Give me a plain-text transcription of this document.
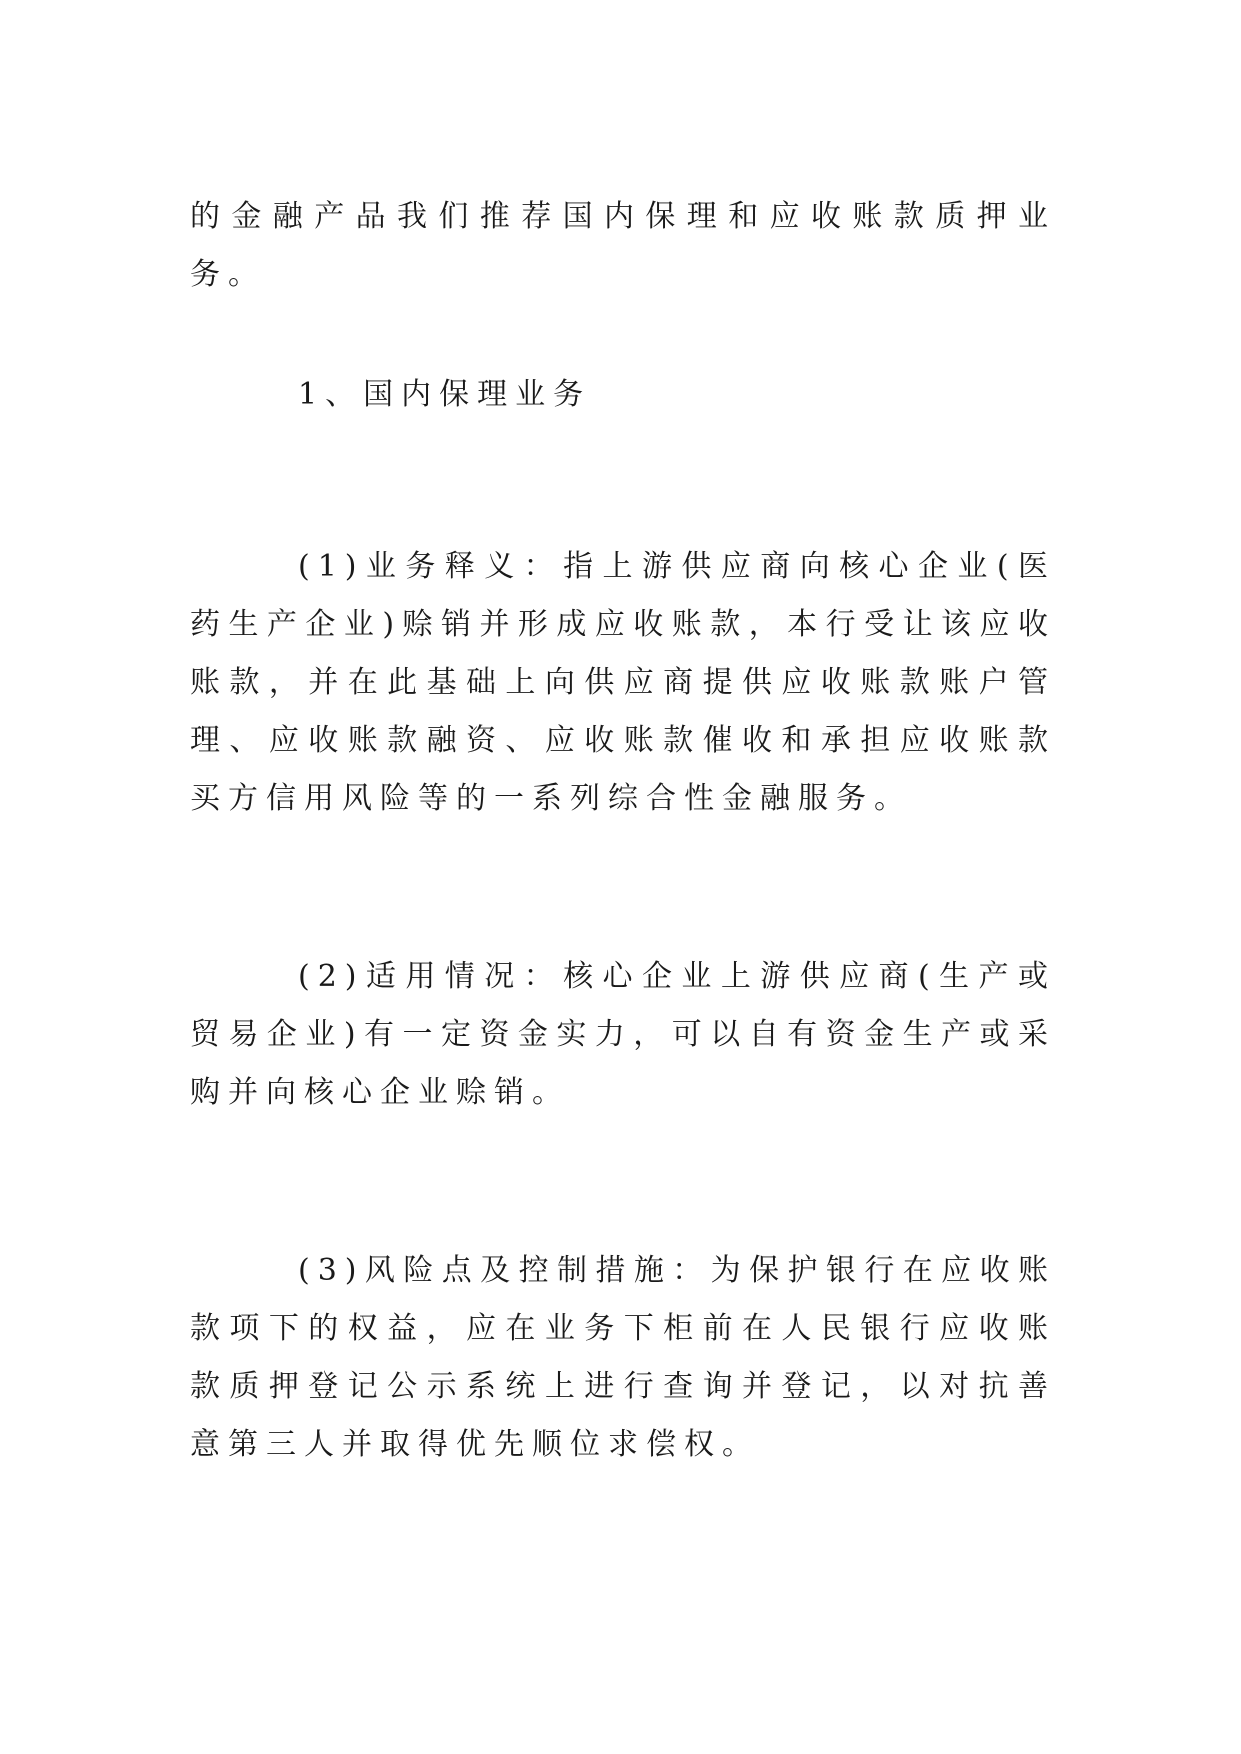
的金融产品我们推荐国内保理和应收账款质押业务。

1、国内保理业务

(1)业务释义：指上游供应商向核心企业(医药生产企业)赊销并形成应收账款，本行受让该应收账款，并在此基础上向供应商提供应收账款账户管理、应收账款融资、应收账款催收和承担应收账款买方信用风险等的一系列综合性金融服务。

(2)适用情况：核心企业上游供应商(生产或贸易企业)有一定资金实力，可以自有资金生产或采购并向核心企业赊销。

(3)风险点及控制措施：为保护银行在应收账款项下的权益，应在业务下柜前在人民银行应收账款质押登记公示系统上进行查询并登记，以对抗善意第三人并取得优先顺位求偿权。
